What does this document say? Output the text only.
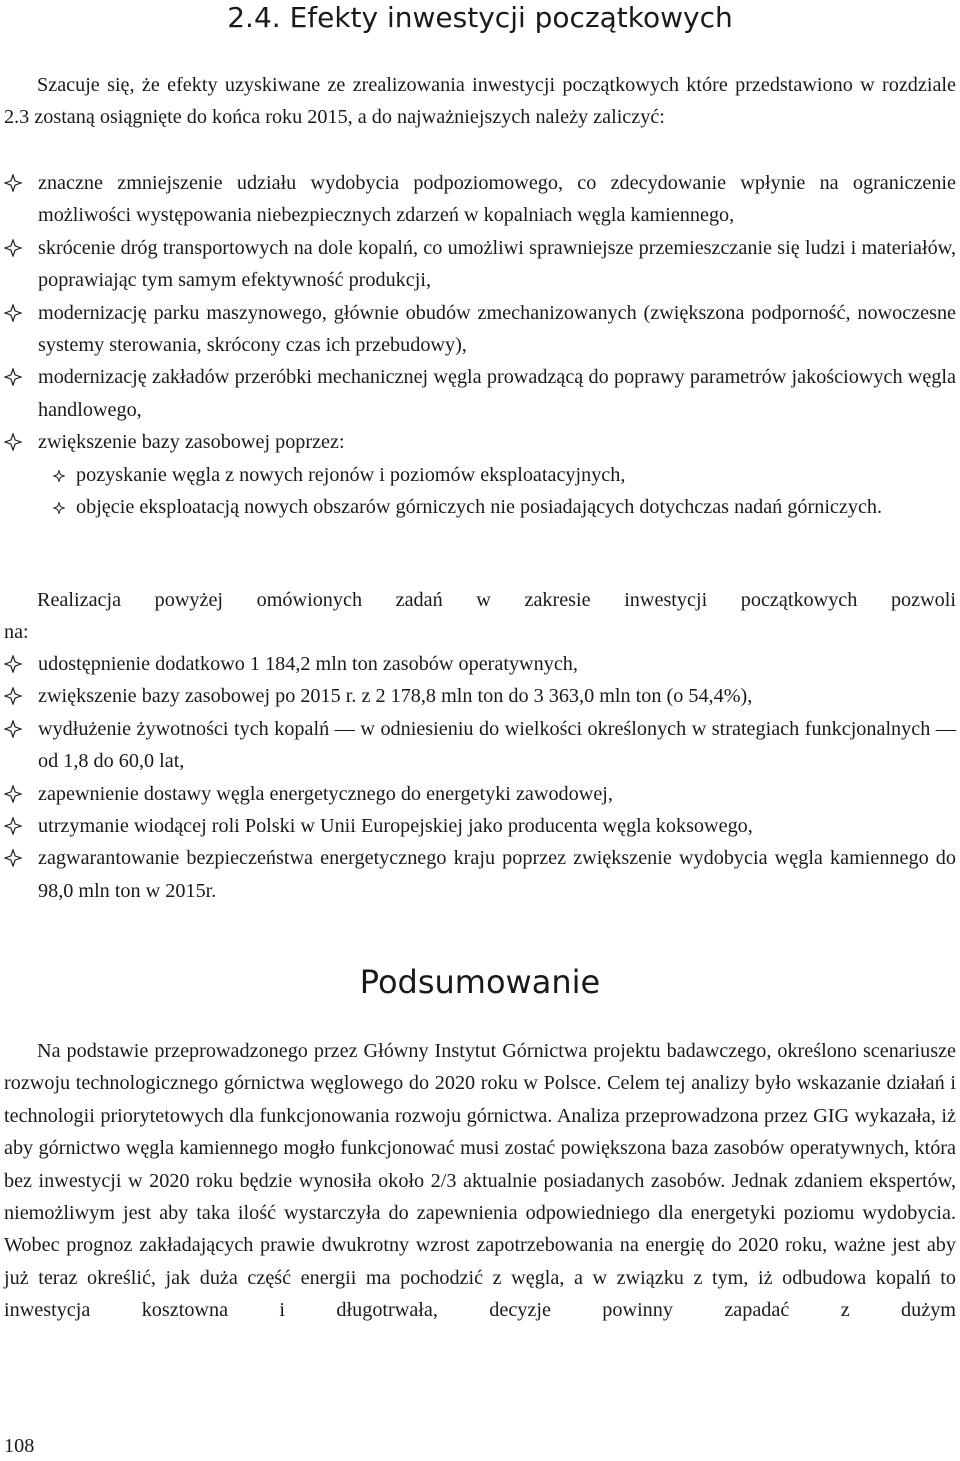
2.4. Efekty inwestycji początkowych

Szacuje się, że efekty uzyskiwane ze zrealizowania inwestycji początkowych które przedstawiono w rozdziale 2.3 zostaną osiągnięte do końca roku 2015, a do najważniejszych należy zaliczyć:

znaczne zmniejszenie udziału wydobycia podpoziomowego, co zdecydowanie wpłynie na ograniczenie możliwości występowania niebezpiecznych zdarzeń w kopalniach węgla kamiennego,
skrócenie dróg transportowych na dole kopalń, co umożliwi sprawniejsze przemieszczanie się ludzi i materiałów, poprawiając tym samym efektywność produkcji,
modernizację parku maszynowego, głównie obudów zmechanizowanych (zwiększona podporność, nowoczesne systemy sterowania, skrócony czas ich przebudowy),
modernizację zakładów przeróbki mechanicznej węgla prowadzącą do poprawy parametrów jakościowych węgla handlowego,
zwiększenie bazy zasobowej poprzez:
pozyskanie węgla z nowych rejonów i poziomów eksploatacyjnych,
objęcie eksploatacją nowych obszarów górniczych nie posiadających dotychczas nadań górniczych.
Realizacja powyżej omówionych zadań w zakresie inwestycji początkowych pozwoli
na:
udostępnienie dodatkowo 1 184,2 mln ton zasobów operatywnych,
zwiększenie bazy zasobowej po 2015 r. z 2 178,8 mln ton do 3 363,0 mln ton (o 54,4%),
wydłużenie żywotności tych kopalń — w odniesieniu do wielkości określonych w strategiach funkcjonalnych — od 1,8 do 60,0 lat,
zapewnienie dostawy węgla energetycznego do energetyki zawodowej,
utrzymanie wiodącej roli Polski w Unii Europejskiej jako producenta węgla koksowego,
zagwarantowanie bezpieczeństwa energetycznego kraju poprzez zwiększenie wydobycia węgla kamiennego do 98,0 mln ton w 2015r.
Podsumowanie

Na podstawie przeprowadzonego przez Główny Instytut Górnictwa projektu badawczego, określono scenariusze rozwoju technologicznego górnictwa węglowego do 2020 roku w Polsce. Celem tej analizy było wskazanie działań i technologii priorytetowych dla funkcjonowania rozwoju górnictwa. Analiza przeprowadzona przez GIG wykazała, iż aby górnictwo węgla kamiennego mogło funkcjonować musi zostać powiększona baza zasobów operatywnych, która bez inwestycji w 2020 roku będzie wynosiła około 2/3 aktualnie posiadanych zasobów. Jednak zdaniem ekspertów, niemożliwym jest aby taka ilość wystarczyła do zapewnienia odpowiedniego dla energetyki poziomu wydobycia. Wobec prognoz zakładających prawie dwukrotny wzrost zapotrzebowania na energię do 2020 roku, ważne jest aby już teraz określić, jak duża część energii ma pochodzić z węgla, a w związku z tym, iż odbudowa kopalń to inwestycja kosztowna i długotrwała, decyzje powinny zapadać z dużym

108
